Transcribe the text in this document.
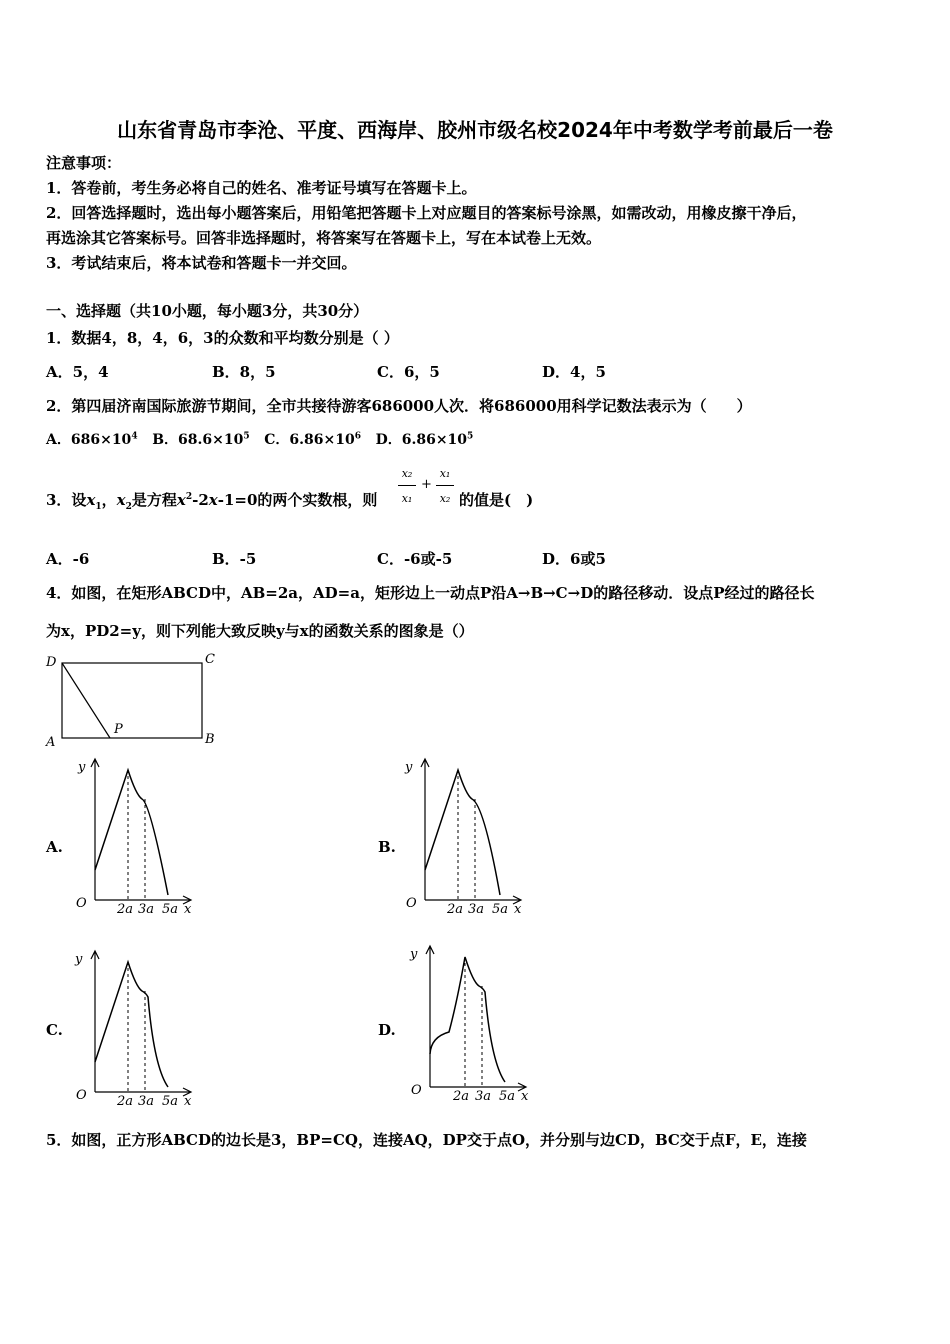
山东省青岛市李沧、平度、西海岸、胶州市级名校2024年中考数学考前最后一卷
注意事项：
1．答卷前，考生务必将自己的姓名、准考证号填写在答题卡上。
2．回答选择题时，选出每小题答案后，用铅笔把答题卡上对应题目的答案标号涂黑，如需改动，用橡皮擦干净后，
再选涂其它答案标号。回答非选择题时，将答案写在答题卡上，写在本试卷上无效。
3．考试结束后，将本试卷和答题卡一并交回。
一、选择题（共10小题，每小题3分，共30分）
1．数据4，8，4，6，3的众数和平均数分别是（ ）
A．5，4	B．8，5	C．6，5	D．4，5
2．第四届济南国际旅游节期间，全市共接待游客686000人次．将686000用科学记数法表示为（　　）
A．$686\times 10^4$ B．$68.6\times 10^5$ C．$6.86\times 10^6$ D．$6.86\times 10^5$
3．设$x_1$，$x_2$是方程$x^2-2x-1=0$的两个实数根，则
x₂
x₁
+
x₁
x₂ 的值是(　)
A．-6	B．-5	C．-6或-5	D．6或5
4．如图，在矩形ABCD中，AB=2a，AD=a，矩形边上一动点P沿A→B→C→D的路径移动．设点P经过的路径长
为x，PD2=y，则下列能大致反映y与x的函数关系的图象是（）
D	C
A	B
P
A.
y
O 2a 3a 5a x
B.
y
O 2a 3a 5a x
C.
y
O 2a 3a 5a x
D.
y
O 2a 3a 5a x
5．如图，正方形ABCD的边长是3，BP=CQ，连接AQ，DP交于点O，并分别与边CD，BC交于点F，E，连接
